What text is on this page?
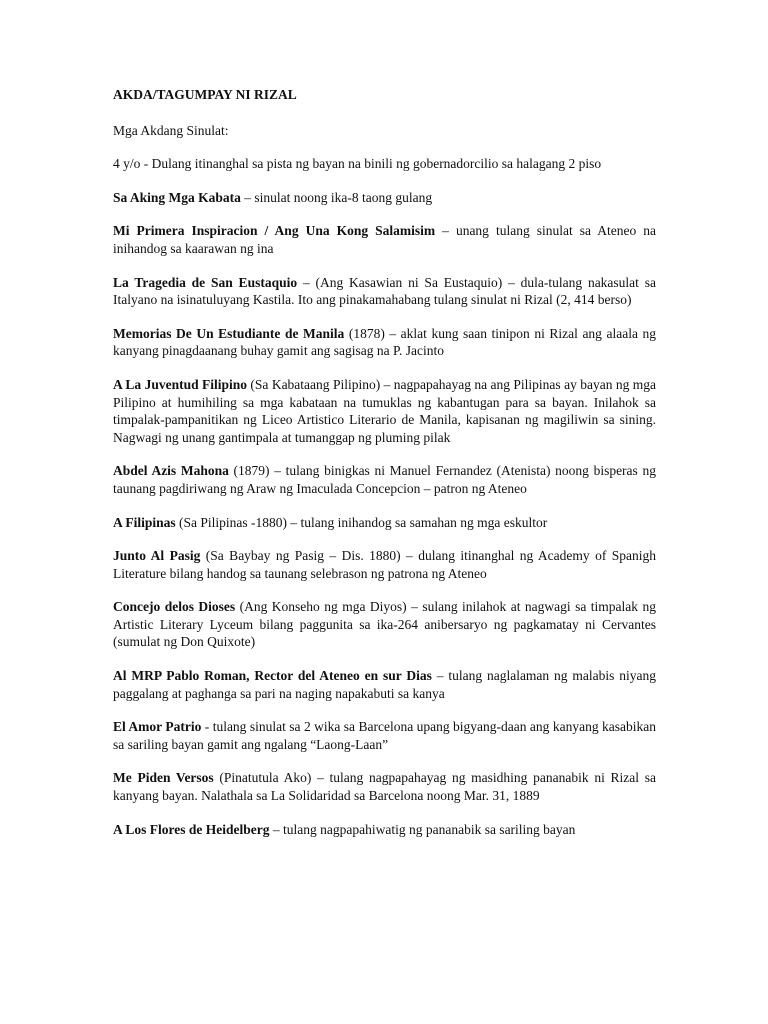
AKDA/TAGUMPAY NI RIZAL
Mga Akdang Sinulat:
4 y/o - Dulang itinanghal sa pista ng bayan na binili ng gobernadorcilio sa halagang 2 piso
Sa Aking Mga Kabata – sinulat noong ika-8 taong gulang
Mi Primera Inspiracion / Ang Una Kong Salamisim – unang tulang sinulat sa Ateneo na inihandog sa kaarawan ng ina
La Tragedia de San Eustaquio – (Ang Kasawian ni Sa Eustaquio) – dula-tulang nakasulat sa Italyano na isinatuluyang Kastila. Ito ang pinakamahabang tulang sinulat ni Rizal (2, 414 berso)
Memorias De Un Estudiante de Manila (1878) – aklat kung saan tinipon ni Rizal ang alaala ng kanyang pinagdaanang buhay gamit ang sagisag na P. Jacinto
A La Juventud Filipino (Sa Kabataang Pilipino) – nagpapahayag na ang Pilipinas ay bayan ng mga Pilipino at humihiling sa mga kabataan na tumuklas ng kabantugan para sa bayan. Inilahok sa timpalak-pampanitikan ng Liceo Artistico Literario de Manila, kapisanan ng magiliwin sa sining. Nagwagi ng unang gantimpala at tumanggap ng pluming pilak
Abdel Azis Mahona (1879) – tulang binigkas ni Manuel Fernandez (Atenista) noong bisperas ng taunang pagdiriwang ng Araw ng Imaculada Concepcion – patron ng Ateneo
A Filipinas (Sa Pilipinas -1880) – tulang inihandog sa samahan ng mga eskultor
Junto Al Pasig (Sa Baybay ng Pasig – Dis. 1880) – dulang itinanghal ng Academy of Spanigh Literature bilang handog sa taunang selebrason ng patrona ng Ateneo
Concejo delos Dioses (Ang Konseho ng mga Diyos) – sulang inilahok at nagwagi sa timpalak ng Artistic Literary Lyceum bilang paggunita sa ika-264 anibersaryo ng pagkamatay ni Cervantes (sumulat ng Don Quixote)
Al MRP Pablo Roman, Rector del Ateneo en sur Dias – tulang naglalaman ng malabis niyang paggalang at paghanga sa pari na naging napakabuti sa kanya
El Amor Patrio - tulang sinulat sa 2 wika sa Barcelona upang bigyang-daan ang kanyang kasabikan sa sariling bayan gamit ang ngalang “Laong-Laan”
Me Piden Versos (Pinatutula Ako) – tulang nagpapahayag ng masidhing pananabik ni Rizal sa kanyang bayan. Nalathala sa La Solidaridad sa Barcelona noong Mar. 31, 1889
A Los Flores de Heidelberg – tulang nagpapahiwatig ng pananabik sa sariling bayan
